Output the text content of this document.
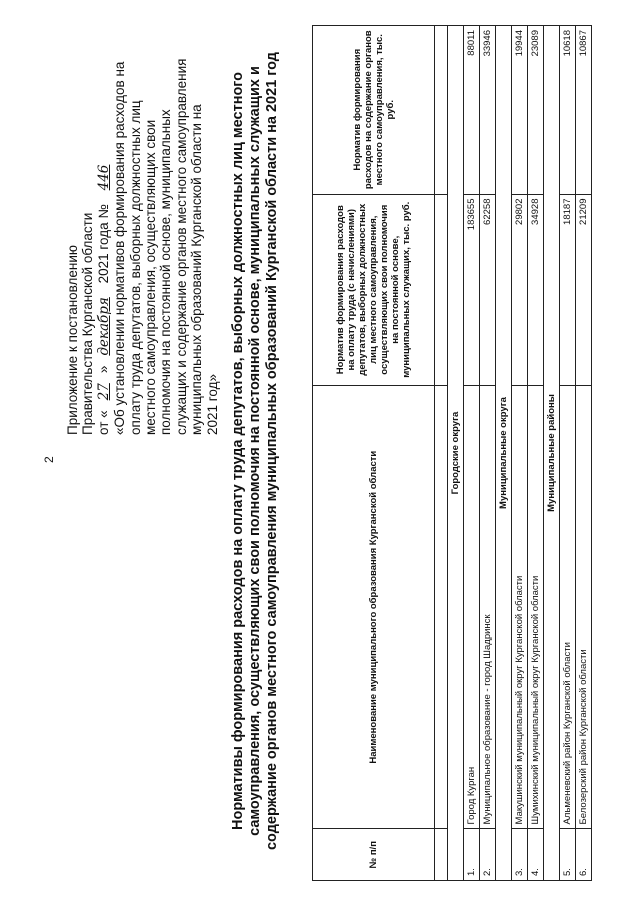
2
Приложение к постановлению Правительства Курганской области от «27»декабря 2021 года № 446 «Об установлении нормативов формирования расходов на оплату труда депутатов, выборных должностных лиц местного самоуправления, осуществляющих свои полномочия на постоянной основе, муниципальных служащих и содержание органов местного самоуправления муниципальных образований Курганской области на 2021 год» Нормативы формирования расходов на оплату труда депутатов, выборных должностных лиц местного самоуправления, осуществляющих свои полномочия на постоянной основе, муниципальных служащих и содержание органов местного самоуправления муниципальных образований Курганской области на 2021 год
№ п/п	Наименование муниципального образования Курганской области	Норматив формирования расходов на оплату труда (с начислениями) депутатов, выборных должностных лиц местного самоуправления, осуществляющих свои полномочия на постоянной основе, муниципальных служащих, тыс. руб.	Норматив формирования расходов на содержание органов местного самоуправления, тыс. руб.

Городские округа			
1.	Город Курган	183655	88011
2.	Муниципальное образование - город Шадринск	62258	33946
Муниципальные округа			
3.	Макушинский муниципальный округ Курганской области	29802	19944
4.	Шумихинский муниципальный округ Курганской области	34928	23089
Муниципальные районы			
5.	Альменевский район Курганской области	18187	10618
6.	Белозерский район Курганской области	21209	10867
